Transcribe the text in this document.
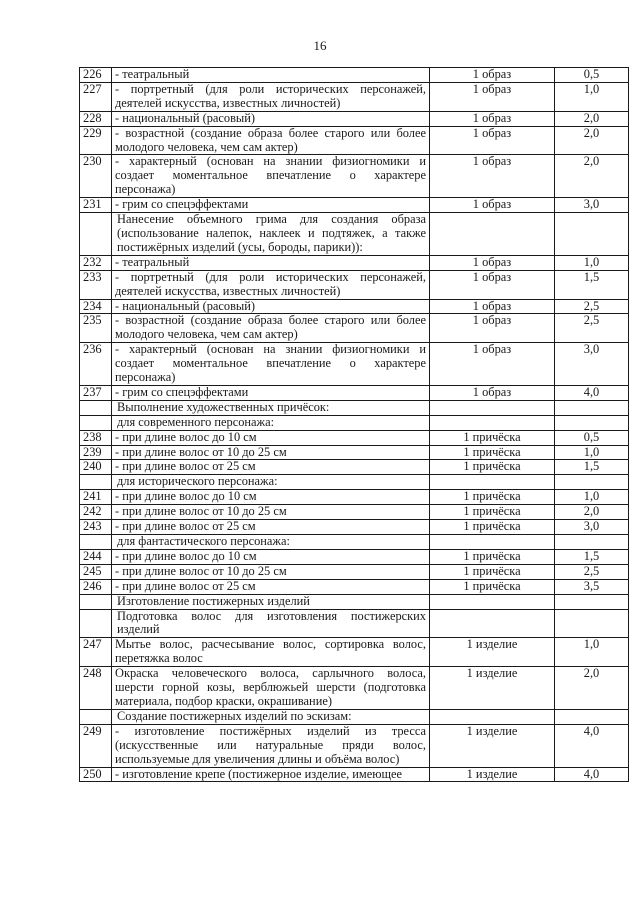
16
226	- театральный	1 образ	0,5
227	- портретный (для роли исторических персонажей, деятелей искусства, известных личностей)	1 образ	1,0
228	- национальный (расовый)	1 образ	2,0
229	- возрастной (создание образа более старого или более молодого человека, чем сам актер)	1 образ	2,0
230	- характерный (основан на знании физиогномики и создает моментальное впечатление о характере персонажа)	1 образ	2,0
231	- грим со спецэффектами	1 образ	3,0
	Нанесение объемного грима для создания образа (использование налепок, наклеек и подтяжек, а также постижёрных изделий (усы, бороды, парики)):		
232	- театральный	1 образ	1,0
233	- портретный (для роли исторических персонажей, деятелей искусства, известных личностей)	1 образ	1,5
234	- национальный (расовый)	1 образ	2,5
235	- возрастной (создание образа более старого или более молодого человека, чем сам актер)	1 образ	2,5
236	- характерный (основан на знании физиогномики и создает моментальное впечатление о характере персонажа)	1 образ	3,0
237	- грим со спецэффектами	1 образ	4,0
	Выполнение художественных причёсок:		
	для современного персонажа:		
238	- при длине волос до 10 см	1 причёска	0,5
239	- при длине волос от 10 до 25 см	1 причёска	1,0
240	- при длине волос от 25 см	1 причёска	1,5
	для исторического персонажа:		
241	- при длине волос до 10 см	1 причёска	1,0
242	- при длине волос от 10 до 25 см	1 причёска	2,0
243	- при длине волос от 25 см	1 причёска	3,0
	для фантастического персонажа:		
244	- при длине волос до 10 см	1 причёска	1,5
245	- при длине волос от 10 до 25 см	1 причёска	2,5
246	- при длине волос от 25 см	1 причёска	3,5
	Изготовление постижерных изделий		
	Подготовка волос для изготовления постижерских изделий		
247	Мытье волос, расчесывание волос, сортировка волос, перетяжка волос	1 изделие	1,0
248	Окраска человеческого волоса, сарлычного волоса, шерсти горной козы, верблюжьей шерсти (подготовка материала, подбор краски, окрашивание)	1 изделие	2,0
	Создание постижерных изделий по эскизам:		
249	- изготовление постижёрных изделий из тресса (искусственные или натуральные пряди волос, используемые для увеличения длины и объёма волос)	1 изделие	4,0
250	- изготовление крепе (постижерное изделие, имеющее	1 изделие	4,0
